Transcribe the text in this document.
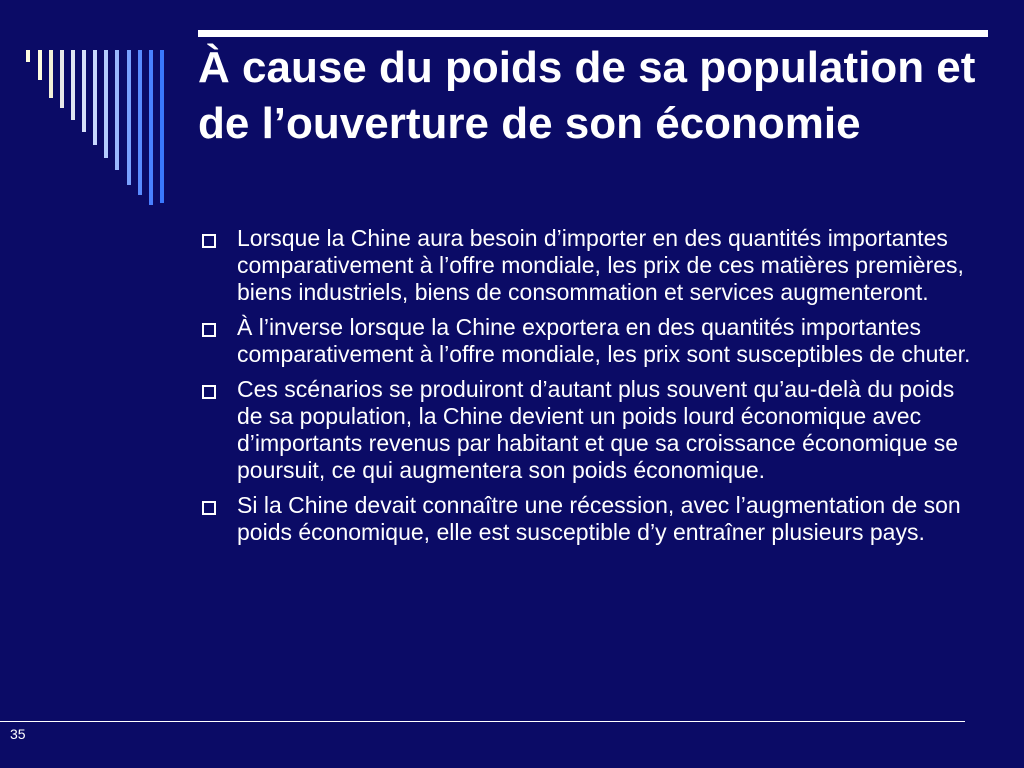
À cause du poids de sa population et de l’ouverture de son économie
Lorsque la Chine aura besoin d’importer en des quantités importantes comparativement à l’offre mondiale, les prix de ces matières premières, biens industriels, biens de consommation et services augmenteront.
À l’inverse lorsque la Chine exportera en des quantités importantes comparativement à l’offre mondiale, les prix sont susceptibles de chuter.
Ces scénarios se produiront d’autant plus souvent qu’au-delà du poids de sa population, la Chine devient un poids lourd économique avec d’importants revenus par habitant et que sa croissance économique se poursuit, ce qui augmentera son poids économique.
Si la Chine devait connaître une récession, avec l’augmentation de son poids économique, elle est susceptible d’y entraîner plusieurs pays.
35
